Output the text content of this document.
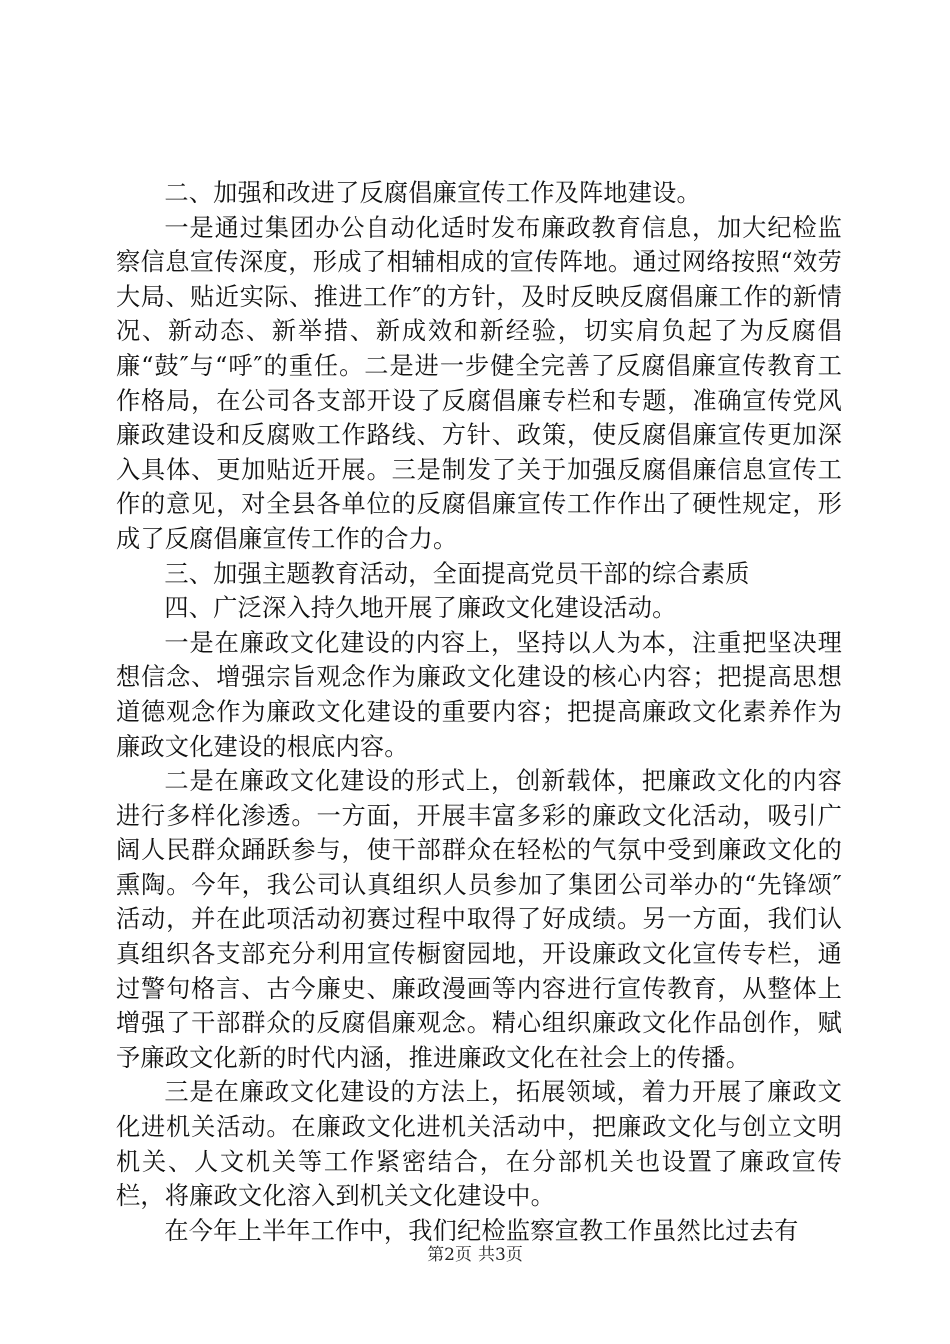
二、加强和改进了反腐倡廉宣传工作及阵地建设。

一是通过集团办公自动化适时发布廉政教育信息，加大纪检监察信息宣传深度，形成了相辅相成的宣传阵地。通过网络按照“效劳大局、贴近实际、推进工作″的方针，及时反映反腐倡廉工作的新情况、新动态、新举措、新成效和新经验，切实肩负起了为反腐倡廉“鼓″与“呼″的重任。二是进一步健全完善了反腐倡廉宣传教育工作格局，在公司各支部开设了反腐倡廉专栏和专题，准确宣传党风廉政建设和反腐败工作路线、方针、政策，使反腐倡廉宣传更加深入具体、更加贴近开展。三是制发了关于加强反腐倡廉信息宣传工作的意见，对全县各单位的反腐倡廉宣传工作作出了硬性规定，形成了反腐倡廉宣传工作的合力。

三、加强主题教育活动，全面提高党员干部的综合素质

四、广泛深入持久地开展了廉政文化建设活动。

一是在廉政文化建设的内容上，坚持以人为本，注重把坚决理想信念、增强宗旨观念作为廉政文化建设的核心内容；把提高思想道德观念作为廉政文化建设的重要内容；把提高廉政文化素养作为廉政文化建设的根底内容。

二是在廉政文化建设的形式上，创新载体，把廉政文化的内容进行多样化渗透。一方面，开展丰富多彩的廉政文化活动，吸引广阔人民群众踊跃参与，使干部群众在轻松的气氛中受到廉政文化的熏陶。今年，我公司认真组织人员参加了集团公司举办的“先锋颂″活动，并在此项活动初赛过程中取得了好成绩。另一方面，我们认真组织各支部充分利用宣传橱窗园地，开设廉政文化宣传专栏，通过警句格言、古今廉史、廉政漫画等内容进行宣传教育，从整体上增强了干部群众的反腐倡廉观念。精心组织廉政文化作品创作，赋予廉政文化新的时代内涵，推进廉政文化在社会上的传播。

三是在廉政文化建设的方法上，拓展领域，着力开展了廉政文化进机关活动。在廉政文化进机关活动中，把廉政文化与创立文明机关、人文机关等工作紧密结合，在分部机关也设置了廉政宣传栏，将廉政文化溶入到机关文化建设中。

在今年上半年工作中，我们纪检监察宣教工作虽然比过去有

第2页 共3页
